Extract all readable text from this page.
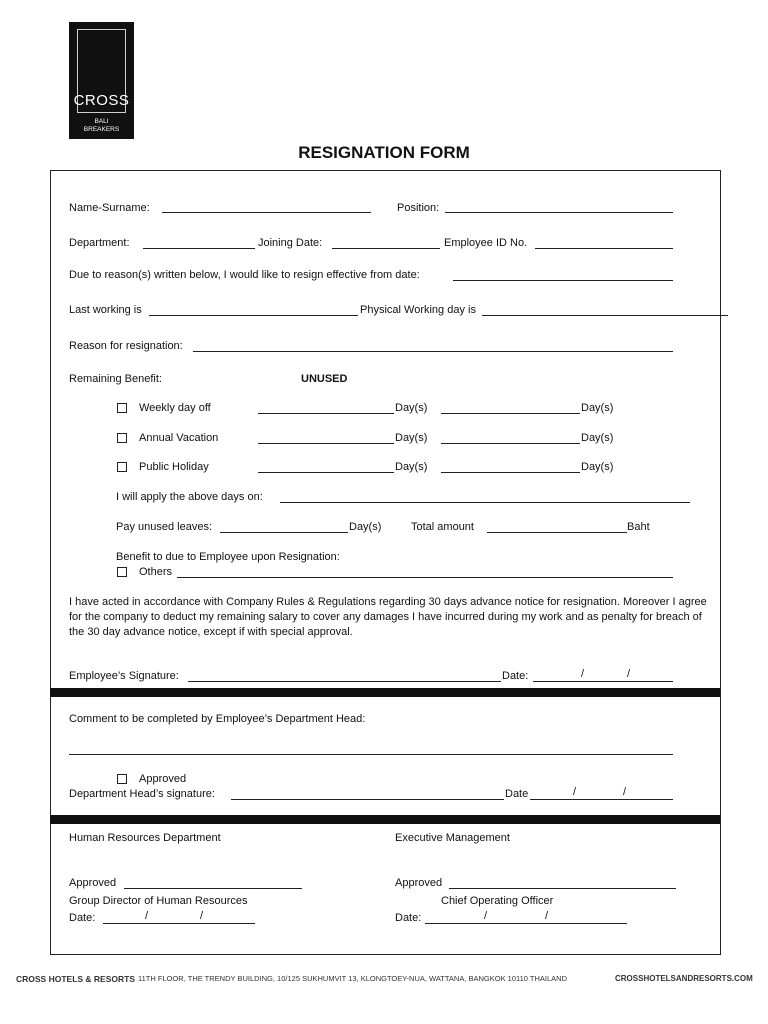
CROSS
BALI
BREAKERS
RESIGNATION FORM
Name-Surname:	Position:
Department:	Joining Date:	Employee ID No.
Due to reason(s) written below, I would like to resign effective from date:
Last working is	Physical Working day is
Reason for resignation:
Remaining Benefit:	UNUSED
Weekly day off	Day(s)	Day(s)
Annual Vacation	Day(s)	Day(s)
Public Holiday	Day(s)	Day(s)
I will apply the above days on:
Pay unused leaves:	Day(s)	Total amount	Baht
Benefit to due to Employee upon Resignation:
Others
I have acted in accordance with Company Rules & Regulations regarding 30 days advance notice for resignation. Moreover I agree for the company to deduct my remaining salary to cover any damages I have incurred during my work and as penalty for breach of the 30 day advance notice, except if with special approval.
Employee’s Signature:	Date:	/	/
Comment to be completed by Employee’s Department Head:
Approved
Department Head’s signature:	Date	/	/
Human Resources Department
Approved
Group Director of Human Resources
Date:	/	/
Executive Management
Approved
Chief Operating Officer
Date:	/	/
CROSS HOTELS & RESORTS 11TH FLOOR, THE TRENDY BUILDING, 10/125 SUKHUMVIT 13, KLONGTOEY-NUA, WATTANA, BANGKOK 10110 THAILAND	CROSSHOTELSANDRESORTS.COM
